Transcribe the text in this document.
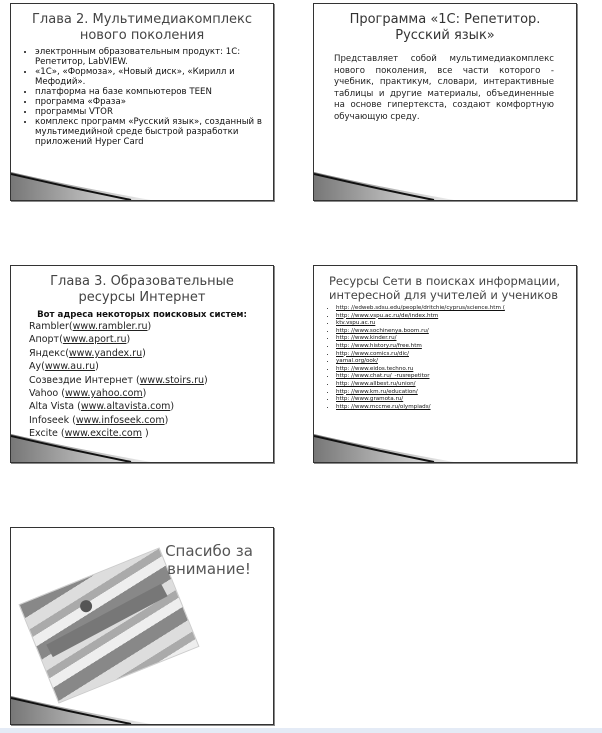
Глава 2. Мультимедиакомплекс нового поколения
• электронным образовательным продукт: 1С: Репетитор, LabVIEW.
• «1С», «Формоза», «Новый диск», «Кирилл и Мефодий».
• платформа на базе компьютеров TEEN
• программа «Фраза»
• программы VTOR
• комплекс программ «Русский язык», созданный в мультимедийной среде быстрой разработки приложений Hyper Card
Программа «1С: Репетитор. Русский язык»
Представляет собой мультимедиакомплекс нового поколения, все части которого - учебник, практикум, словари, интерактивные таблицы и другие материалы, объединенные на основе гипертекста, создают комфортную обучающую среду.
Глава 3. Образовательные ресурсы Интернет
Вот адреса некоторых поисковых систем:
Rambler(www.rambler.ru)
Апорт(www.aport.ru)
Яндекс(www.yandex.ru)
Ау(www.au.ru)
Созвездие Интернет (www.stoirs.ru)
Vahoo (www.yahoo.com)
Alta Vista (www.altavista.com)
Infoseek (www.infoseek.com)
Excite (www.excite.com )
Ресурсы Сети в поисках информации, интересной для учителей и учеников
• http: //edweb.sdsu.edu/people/dritchie/cyprus/science.htm (
• http: //www.vspu.ac.ru/de/index.htm
• ktv.vspu.ac.ru
• http: //www.sochinenya.boom.ru/
• http: //www.kinder.ru/
• http: //www.history.ru/free.htm
• http: //www.comics.ru/dic/
• yamal.org/ook/
• http: //www.eidos.techno.ru
• http: //www.chat.ru/_-rusrepetitor
• http: //www.allbest.ru/union/
• http: //www.km.ru/education/
• http: //www.gramota.ru/
• http: //www.mccme.ru/olympiads/
Спасибо за внимание!
